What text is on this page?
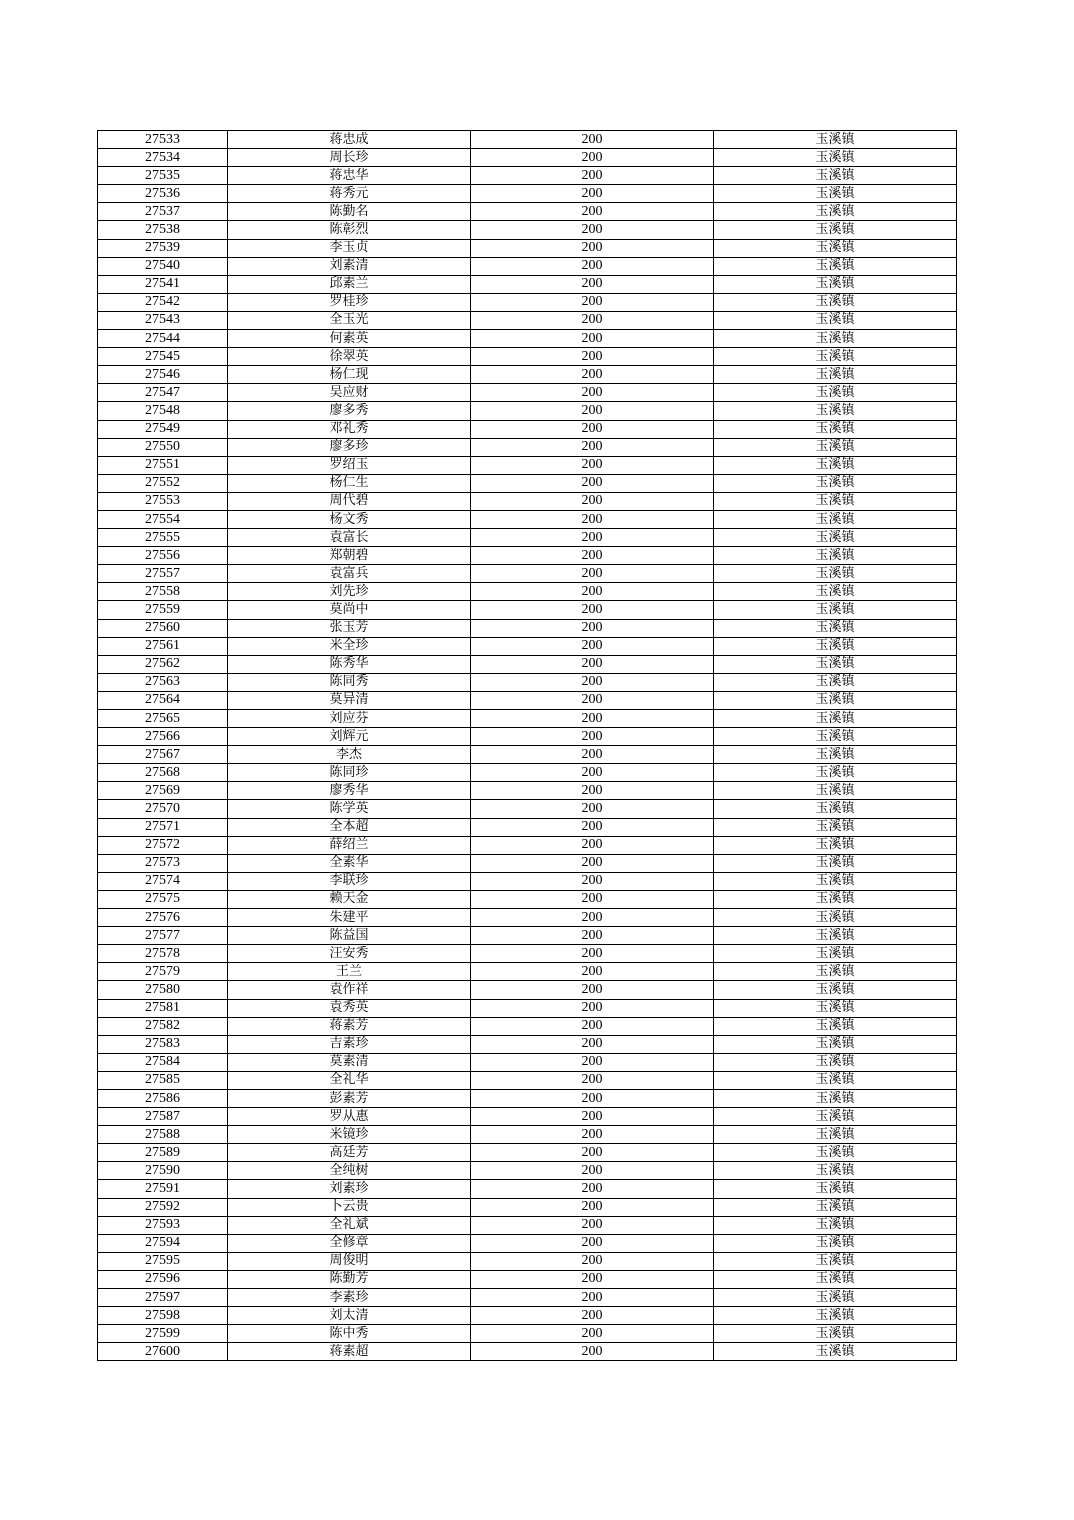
27533	蒋忠成	200	玉溪镇
27534	周长珍	200	玉溪镇
27535	蒋忠华	200	玉溪镇
27536	蒋秀元	200	玉溪镇
27537	陈勤名	200	玉溪镇
27538	陈彰烈	200	玉溪镇
27539	李玉贞	200	玉溪镇
27540	刘素清	200	玉溪镇
27541	邱素兰	200	玉溪镇
27542	罗桂珍	200	玉溪镇
27543	全玉光	200	玉溪镇
27544	何素英	200	玉溪镇
27545	徐翠英	200	玉溪镇
27546	杨仁现	200	玉溪镇
27547	吴应财	200	玉溪镇
27548	廖多秀	200	玉溪镇
27549	邓礼秀	200	玉溪镇
27550	廖多珍	200	玉溪镇
27551	罗绍玉	200	玉溪镇
27552	杨仁生	200	玉溪镇
27553	周代碧	200	玉溪镇
27554	杨文秀	200	玉溪镇
27555	袁富长	200	玉溪镇
27556	郑朝碧	200	玉溪镇
27557	袁富兵	200	玉溪镇
27558	刘先珍	200	玉溪镇
27559	莫尚中	200	玉溪镇
27560	张玉芳	200	玉溪镇
27561	米全珍	200	玉溪镇
27562	陈秀华	200	玉溪镇
27563	陈同秀	200	玉溪镇
27564	莫异清	200	玉溪镇
27565	刘应芬	200	玉溪镇
27566	刘辉元	200	玉溪镇
27567	李杰	200	玉溪镇
27568	陈同珍	200	玉溪镇
27569	廖秀华	200	玉溪镇
27570	陈学英	200	玉溪镇
27571	全本超	200	玉溪镇
27572	薛绍兰	200	玉溪镇
27573	全素华	200	玉溪镇
27574	李联珍	200	玉溪镇
27575	赖天金	200	玉溪镇
27576	朱建平	200	玉溪镇
27577	陈益国	200	玉溪镇
27578	汪安秀	200	玉溪镇
27579	王兰	200	玉溪镇
27580	袁作祥	200	玉溪镇
27581	袁秀英	200	玉溪镇
27582	蒋素芳	200	玉溪镇
27583	吉素珍	200	玉溪镇
27584	莫素清	200	玉溪镇
27585	全礼华	200	玉溪镇
27586	彭素芳	200	玉溪镇
27587	罗从惠	200	玉溪镇
27588	米镜珍	200	玉溪镇
27589	高廷芳	200	玉溪镇
27590	全纯树	200	玉溪镇
27591	刘素珍	200	玉溪镇
27592	卜云贵	200	玉溪镇
27593	全礼斌	200	玉溪镇
27594	全修章	200	玉溪镇
27595	周俊明	200	玉溪镇
27596	陈勤芳	200	玉溪镇
27597	李素珍	200	玉溪镇
27598	刘太清	200	玉溪镇
27599	陈中秀	200	玉溪镇
27600	蒋素超	200	玉溪镇
